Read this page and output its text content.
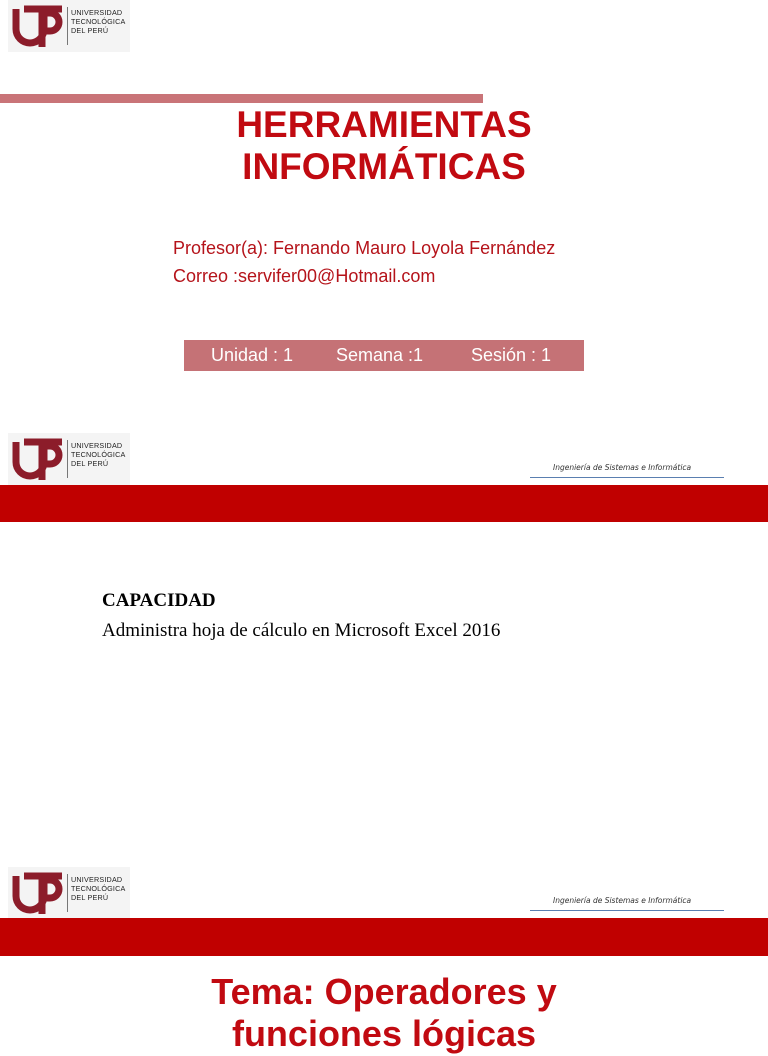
UNIVERSIDAD
TECNOLÓGICA
DEL PERÚ
HERRAMIENTAS
INFORMÁTICAS
Profesor(a): Fernando Mauro Loyola Fernández
Correo :servifer00@Hotmail.com
Unidad : 1 Semana :1	Sesión : 1
UNIVERSIDAD
TECNOLÓGICA
DEL PERÚ	Ingeniería de Sistemas e Informática
CAPACIDAD
Administra hoja de cálculo en Microsoft Excel 2016
UNIVERSIDAD
TECNOLÓGICA
DEL PERÚ	Ingeniería de Sistemas e Informática
Tema: Operadores y
funciones lógicas
